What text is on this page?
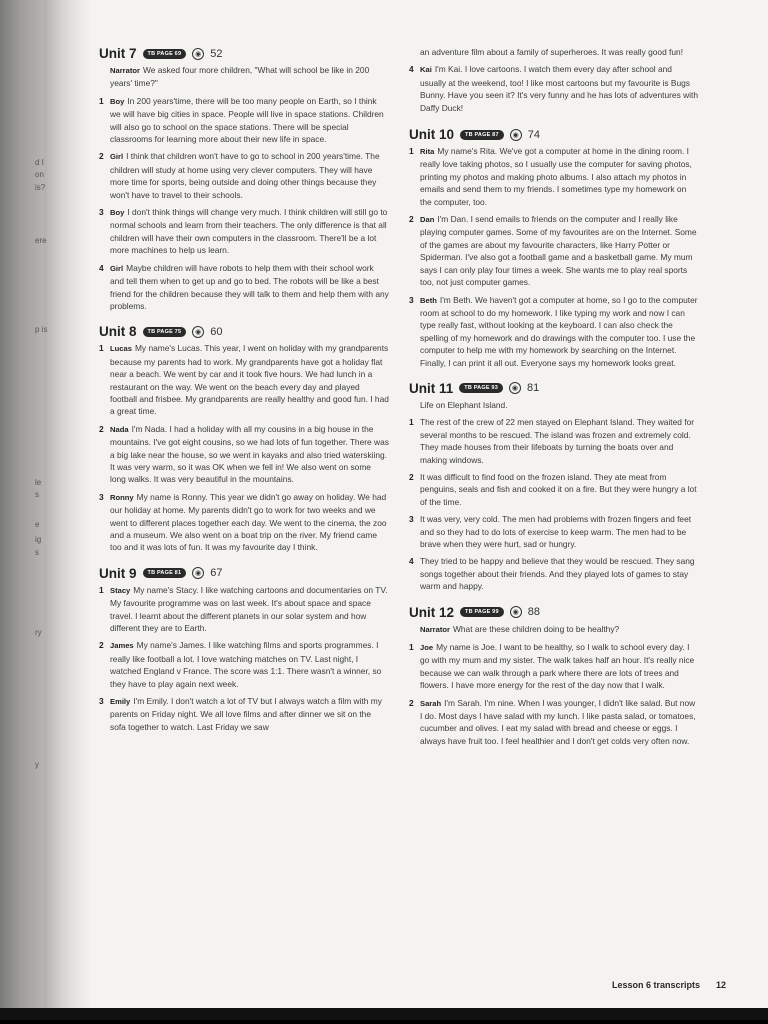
d I
on
is?
ere
p is
le
s
e
ig
s
ry
y
Unit 7	TB PAGE 69	◉ 52

Narrator We asked four more children, "What will school be like in 200 years' time?"

1 Boy In 200 years'time, there will be too many people on Earth, so I think we will have big cities in space. People will live in space stations. Children will also go to school on the space stations. There will be special classrooms for learning more about their new life in space.

2 Girl I think that children won't have to go to school in 200 years'time. The children will study at home using very clever computers. They will have more time for sports, being outside and doing other things because they won't have to travel to their schools.

3 Boy I don't think things will change very much. I think children will still go to normal schools and learn from their teachers. The only difference is that all children will have their own computers in the classroom. There'll be a lot more machines to help us learn.

4 Girl Maybe children will have robots to help them with their school work and tell them when to get up and go to bed. The robots will be like a best friend for the children because they will talk to them and help them with any problems.

Unit 8	TB PAGE 75	◉ 60

1 Lucas My name's Lucas. This year, I went on holiday with my grandparents because my parents had to work. My grandparents have got a holiday flat near a beach. We went by car and it took five hours. We had lunch in a restaurant on the way. We went on the beach every day and played football and frisbee. My grandparents are really healthy and good fun. I had a great time.

2 Nada I'm Nada. I had a holiday with all my cousins in a big house in the mountains. I've got eight cousins, so we had lots of fun together. There was a big lake near the house, so we went in kayaks and also tried waterskiing. It was very warm, so it was OK when we fell in! We also went on some long walks. It was very beautiful in the mountains.

3 Ronny My name is Ronny. This year we didn't go away on holiday. We had our holiday at home. My parents didn't go to work for two weeks and we went to different places together each day. We went to the cinema, the zoo and a museum. We also went on a boat trip on the river. My friend came too and it was lots of fun. It was my favourite day I think.

Unit 9	TB PAGE 81	◉ 67

1 Stacy My name's Stacy. I like watching cartoons and documentaries on TV. My favourite programme was on last week. It's about space and space travel. I learnt about the different planets in our solar system and how different they are to Earth.

2 James My name's James. I like watching films and sports programmes. I really like football a lot. I love watching matches on TV. Last night, I watched England v France. The score was 1:1. There wasn't a winner, so they have to play again next week.

3 Emily I'm Emily. I don't watch a lot of TV but I always watch a film with my parents on Friday night. We all love films and after dinner we sit on the sofa together to watch. Last Friday we saw

an adventure film about a family of superheroes. It was really good fun!

4 Kai I'm Kai. I love cartoons. I watch them every day after school and usually at the weekend, too! I like most cartoons but my favourite is Bugs Bunny. Have you seen it? It's very funny and he has lots of adventures with Daffy Duck!

Unit 10	TB PAGE 87	◉ 74

1 Rita My name's Rita. We've got a computer at home in the dining room. I really love taking photos, so I usually use the computer for saving photos, printing my photos and making photo albums. I also attach my photos in emails and send them to my friends. I sometimes type my homework on the computer, too.

2 Dan I'm Dan. I send emails to friends on the computer and I really like playing computer games. Some of my favourites are on the Internet. Some of the games are about my favourite characters, like Harry Potter or Spiderman. I've also got a football game and a basketball game. My mum says I can only play four times a week. She wants me to play real sports too, not just computer games.

3 Beth I'm Beth. We haven't got a computer at home, so I go to the computer room at school to do my homework. I like typing my work and now I can type really fast, without looking at the keyboard. I can also check the spelling of my homework and do drawings with the computer too. I use the computer to help me with my homework by searching on the Internet. Finally, I can print it all out. Everyone says my homework looks great.

Unit 11	TB PAGE 93	◉ 81

Life on Elephant Island.

1 The rest of the crew of 22 men stayed on Elephant Island. They waited for several months to be rescued. The island was frozen and extremely cold. They made houses from their lifeboats by turning the boats over and making windows.

2 It was difficult to find food on the frozen island. They ate meat from penguins, seals and fish and cooked it on a fire. But they were hungry a lot of the time.

3 It was very, very cold. The men had problems with frozen fingers and feet and so they had to do lots of exercise to keep warm. The men had to be brave when they were hurt, sad or hungry.

4 They tried to be happy and believe that they would be rescued. They sang songs together about their friends. And they played lots of games to stay warm and happy.

Unit 12	TB PAGE 99	◉ 88

Narrator What are these children doing to be healthy?

1 Joe My name is Joe. I want to be healthy, so I walk to school every day. I go with my mum and my sister. The walk takes half an hour. It's really nice because we can walk through a park where there are lots of trees and flowers. I have more energy for the rest of the day now that I walk.

2 Sarah I'm Sarah. I'm nine. When I was younger, I didn't like salad. But now I do. Most days I have salad with my lunch. I like pasta salad, or tomatoes, cucumber and olives. I eat my salad with bread and cheese or eggs. I always have fruit too. I feel healthier and I don't get colds very often now.

Lesson 6 transcripts 12
